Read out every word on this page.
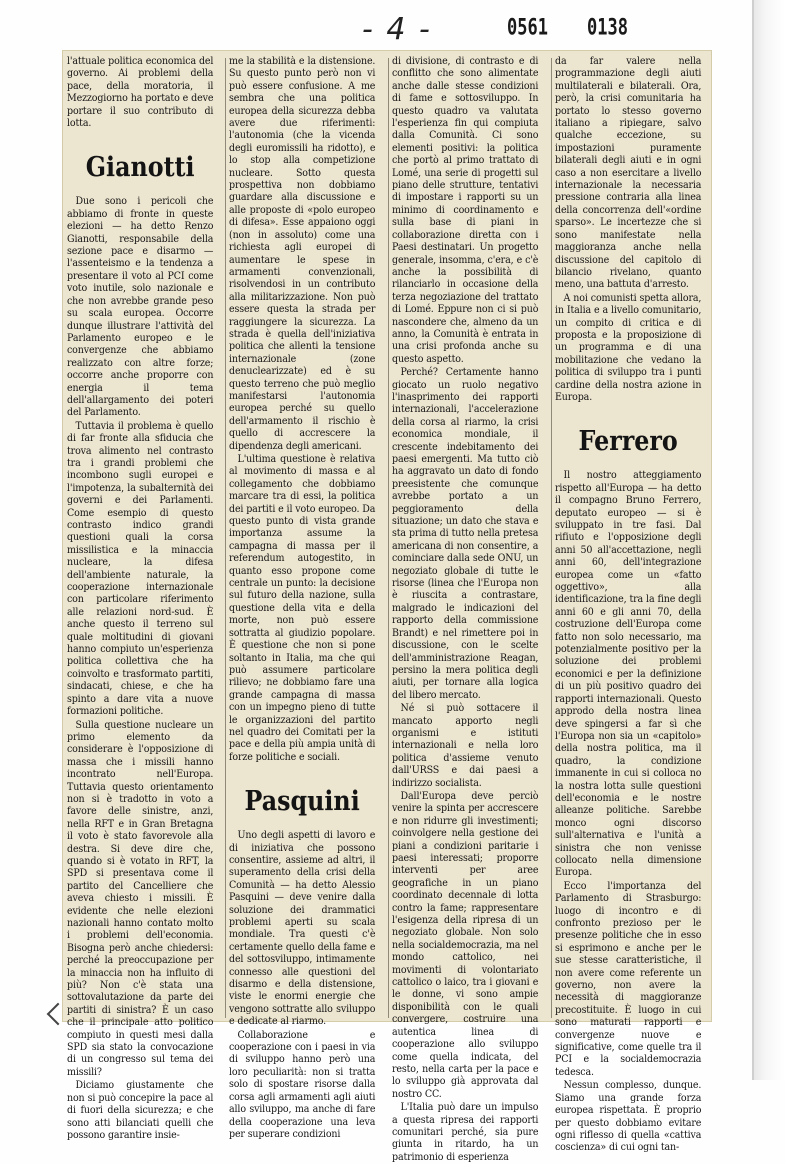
- 4 -	0561 0138

l'attuale politica economica del governo. Ai problemi della pace, della moratoria, il Mezzogiorno ha portato e deve portare il suo contributo di lotta.

Gianotti

Due sono i pericoli che abbiamo di fronte in queste elezioni — ha detto Renzo Gianotti, responsabile della sezione pace e disarmo — l'assenteismo e la tendenza a presentare il voto al PCI come voto inutile, solo nazionale e che non avrebbe grande peso su scala europea. Occorre dunque illustrare l'attività del Parlamento europeo e le convergenze che abbiamo realizzato con altre forze; occorre anche proporre con energia il tema dell'allargamento dei poteri del Parlamento.

Tuttavia il problema è quello di far fronte alla sfiducia che trova alimento nel contrasto tra i grandi problemi che incombono sugli europei e l'impotenza, la subalternità dei governi e dei Parlamenti. Come esempio di questo contrasto indico grandi questioni quali la corsa missilistica e la minaccia nucleare, la difesa dell'ambiente naturale, la cooperazione internazionale con particolare riferimento alle relazioni nord-sud. È anche questo il terreno sul quale moltitudini di giovani hanno compiuto un'esperienza politica collettiva che ha coinvolto e trasformato partiti, sindacati, chiese, e che ha spinto a dare vita a nuove formazioni politiche.

Sulla questione nucleare un primo elemento da considerare è l'opposizione di massa che i missili hanno incontrato nell'Europa. Tuttavia questo orientamento non si è tradotto in voto a favore delle sinistre, anzi, nella RFT e in Gran Bretagna il voto è stato favorevole alla destra. Si deve dire che, quando si è votato in RFT, la SPD si presentava come il partito del Cancelliere che aveva chiesto i missili. È evidente che nelle elezioni nazionali hanno contato molto i problemi dell'economia. Bisogna però anche chiedersi: perché la preoccupazione per la minaccia non ha influito di più? Non c'è stata una sottovalutazione da parte dei partiti di sinistra? È un caso che il principale atto politico compiuto in questi mesi dalla SPD sia stato la convocazione di un congresso sul tema dei missili?

Diciamo giustamente che non si può concepire la pace al di fuori della sicurezza; e che sono atti bilanciati quelli che possono garantire insie-

me la stabilità e la distensione. Su questo punto però non vi può essere confusione. A me sembra che una politica europea della sicurezza debba avere due riferimenti: l'autonomia (che la vicenda degli euromissili ha ridotto), e lo stop alla competizione nucleare. Sotto questa prospettiva non dobbiamo guardare alla discussione e alle proposte di «polo europeo di difesa». Esse appaiono oggi (non in assoluto) come una richiesta agli europei di aumentare le spese in armamenti convenzionali, risolvendosi in un contributo alla militarizzazione. Non può essere questa la strada per raggiungere la sicurezza. La strada è quella dell'iniziativa politica che allenti la tensione internazionale (zone denuclearizzate) ed è su questo terreno che può meglio manifestarsi l'autonomia europea perché su quello dell'armamento il rischio è quello di accrescere la dipendenza degli americani.

L'ultima questione è relativa al movimento di massa e al collegamento che dobbiamo marcare tra di essi, la politica dei partiti e il voto europeo. Da questo punto di vista grande importanza assume la campagna di massa per il referendum autogestito, in quanto esso propone come centrale un punto: la decisione sul futuro della nazione, sulla questione della vita e della morte, non può essere sottratta al giudizio popolare. È questione che non si pone soltanto in Italia, ma che qui può assumere particolare rilievo; ne dobbiamo fare una grande campagna di massa con un impegno pieno di tutte le organizzazioni del partito nel quadro dei Comitati per la pace e della più ampia unità di forze politiche e sociali.

Pasquini

Uno degli aspetti di lavoro e di iniziativa che possono consentire, assieme ad altri, il superamento della crisi della Comunità — ha detto Alessio Pasquini — deve venire dalla soluzione dei drammatici problemi aperti su scala mondiale. Tra questi c'è certamente quello della fame e del sottosviluppo, intimamente connesso alle questioni del disarmo e della distensione, viste le enormi energie che vengono sottratte allo sviluppo e dedicate al riarmo.

Collaborazione e cooperazione con i paesi in via di sviluppo hanno però una loro peculiarità: non si tratta solo di spostare risorse dalla corsa agli armamenti agli aiuti allo sviluppo, ma anche di fare della cooperazione una leva per superare condizioni

di divisione, di contrasto e di conflitto che sono alimentate anche dalle stesse condizioni di fame e sottosviluppo. In questo quadro va valutata l'esperienza fin qui compiuta dalla Comunità. Ci sono elementi positivi: la politica che portò al primo trattato di Lomé, una serie di progetti sul piano delle strutture, tentativi di impostare i rapporti su un minimo di coordinamento e sulla base di piani in collaborazione diretta con i Paesi destinatari. Un progetto generale, insomma, c'era, e c'è anche la possibilità di rilanciarlo in occasione della terza negoziazione del trattato di Lomé. Eppure non ci si può nascondere che, almeno da un anno, la Comunità è entrata in una crisi profonda anche su questo aspetto.

Perché? Certamente hanno giocato un ruolo negativo l'inasprimento dei rapporti internazionali, l'accelerazione della corsa al riarmo, la crisi economica mondiale, il crescente indebitamento dei paesi emergenti. Ma tutto ciò ha aggravato un dato di fondo preesistente che comunque avrebbe portato a un peggioramento della situazione; un dato che stava e sta prima di tutto nella pretesa americana di non consentire, a cominciare dalla sede ONU, un negoziato globale di tutte le risorse (linea che l'Europa non è riuscita a contrastare, malgrado le indicazioni del rapporto della commissione Brandt) e nel rimettere poi in discussione, con le scelte dell'amministrazione Reagan, persino la mera politica degli aiuti, per tornare alla logica del libero mercato.

Né si può sottacere il mancato apporto negli organismi e istituti internazionali e nella loro politica d'assieme venuto dall'URSS e dai paesi a indirizzo socialista.

Dall'Europa deve perciò venire la spinta per accrescere e non ridurre gli investimenti; coinvolgere nella gestione dei piani a condizioni paritarie i paesi interessati; proporre interventi per aree geografiche in un piano coordinato decennale di lotta contro la fame; rappresentare l'esigenza della ripresa di un negoziato globale. Non solo nella socialdemocrazia, ma nel mondo cattolico, nei movimenti di volontariato cattolico o laico, tra i giovani e le donne, vi sono ampie disponibilità con le quali convergere, costruire una autentica linea di cooperazione allo sviluppo come quella indicata, del resto, nella carta per la pace e lo sviluppo già approvata dal nostro CC.

L'Italia può dare un impulso a questa ripresa dei rapporti comunitari perché, sia pure giunta in ritardo, ha un patrimonio di esperienza

da far valere nella programmazione degli aiuti multilaterali e bilaterali. Ora, però, la crisi comunitaria ha portato lo stesso governo italiano a ripiegare, salvo qualche eccezione, su impostazioni puramente bilaterali degli aiuti e in ogni caso a non esercitare a livello internazionale la necessaria pressione contraria alla linea della concorrenza dell'«ordine sparso». Le incertezze che si sono manifestate nella maggioranza anche nella discussione del capitolo di bilancio rivelano, quanto meno, una battuta d'arresto.

A noi comunisti spetta allora, in Italia e a livello comunitario, un compito di critica e di proposta e la proposizione di un programma e di una mobilitazione che vedano la politica di sviluppo tra i punti cardine della nostra azione in Europa.

Ferrero

Il nostro atteggiamento rispetto all'Europa — ha detto il compagno Bruno Ferrero, deputato europeo — si è sviluppato in tre fasi. Dal rifiuto e l'opposizione degli anni 50 all'accettazione, negli anni 60, dell'integrazione europea come un «fatto oggettivo», alla identificazione, tra la fine degli anni 60 e gli anni 70, della costruzione dell'Europa come fatto non solo necessario, ma potenzialmente positivo per la soluzione dei problemi economici e per la definizione di un più positivo quadro dei rapporti internazionali. Questo approdo della nostra linea deve spingersi a far sì che l'Europa non sia un «capitolo» della nostra politica, ma il quadro, la condizione immanente in cui si colloca no la nostra lotta sulle questioni dell'economia e le nostre alleanze politiche. Sarebbe monco ogni discorso sull'alternativa e l'unità a sinistra che non venisse collocato nella dimensione Europa.

Ecco l'importanza del Parlamento di Strasburgo: luogo di incontro e di confronto prezioso per le presenze politiche che in esso si esprimono e anche per le sue stesse caratteristiche, il non avere come referente un governo, non avere la necessità di maggioranze precostituite. È luogo in cui sono maturati rapporti e convergenze nuove e significative, come quelle tra il PCI e la socialdemocrazia tedesca.

Nessun complesso, dunque. Siamo una grande forza europea rispettata. È proprio per questo dobbiamo evitare ogni riflesso di quella «cattiva coscienza» di cui ogni tan-
